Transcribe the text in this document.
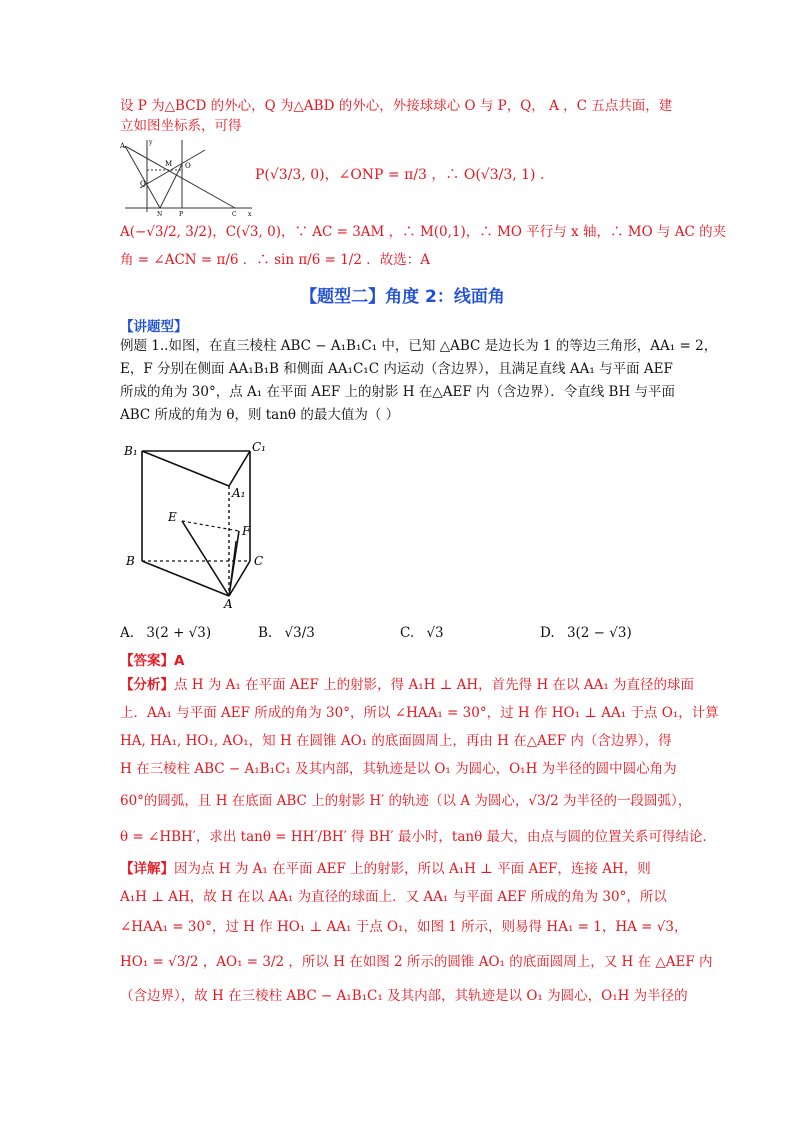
设 P 为△BCD 的外心，Q 为△ABD 的外心，外接球球心 O 与 P，Q， A ，C 五点共面，建
立如图坐标系，可得
A
M O
Q
N	P	C x
y
P(√3/3, 0)，∠ONP = π/3 ，∴ O(√3/3, 1) .
A(−√3/2, 3/2)，C(√3, 0)，∵ AC = 3AM ，∴ M(0,1)，∴ MO 平行与 x 轴，∴ MO 与 AC 的夹
角 = ∠ACN = π/6 ．∴ sin π/6 = 1/2 ．故选：A
【题型二】角度 2：线面角
【讲题型】
例题 1..如图，在直三棱柱 ABC − A₁B₁C₁ 中，已知 △ABC 是边长为 1 的等边三角形，AA₁ = 2，
E，F 分别在侧面 AA₁B₁B 和侧面 AA₁C₁C 内运动（含边界），且满足直线 AA₁ 与平面 AEF
所成的角为 30°，点 A₁ 在平面 AEF 上的射影 H 在△AEF 内（含边界）．令直线 BH 与平面
ABC 所成的角为 θ，则 tanθ 的最大值为（ ）
B₁	C₁
A₁
E
F
B	C
A
A. 3(2 + √3)	B. √3/3	C. √3	D. 3(2 − √3)
【答案】A
【分析】点 H 为 A₁ 在平面 AEF 上的射影，得 A₁H ⊥ AH，首先得 H 在以 AA₁ 为直径的球面
上．AA₁ 与平面 AEF 所成的角为 30°，所以 ∠HAA₁ = 30°，过 H 作 HO₁ ⊥ AA₁ 于点 O₁，计算
HA, HA₁, HO₁, AO₁，知 H 在圆锥 AO₁ 的底面圆周上，再由 H 在△AEF 内（含边界），得
H 在三棱柱 ABC − A₁B₁C₁ 及其内部，其轨迹是以 O₁ 为圆心，O₁H 为半径的圆中圆心角为
60°的圆弧，且 H 在底面 ABC 上的射影 H′ 的轨迹（以 A 为圆心，√3/2 为半径的一段圆弧），
θ = ∠HBH′，求出 tanθ = HH′/BH′ 得 BH′ 最小时，tanθ 最大，由点与圆的位置关系可得结论．
【详解】因为点 H 为 A₁ 在平面 AEF 上的射影，所以 A₁H ⊥ 平面 AEF，连接 AH，则
A₁H ⊥ AH，故 H 在以 AA₁ 为直径的球面上．又 AA₁ 与平面 AEF 所成的角为 30°，所以
∠HAA₁ = 30°，过 H 作 HO₁ ⊥ AA₁ 于点 O₁，如图 1 所示，则易得 HA₁ = 1，HA = √3，
HO₁ = √3/2 ，AO₁ = 3/2 ，所以 H 在如图 2 所示的圆锥 AO₁ 的底面圆周上，又 H 在 △AEF 内
（含边界），故 H 在三棱柱 ABC − A₁B₁C₁ 及其内部，其轨迹是以 O₁ 为圆心，O₁H 为半径的
